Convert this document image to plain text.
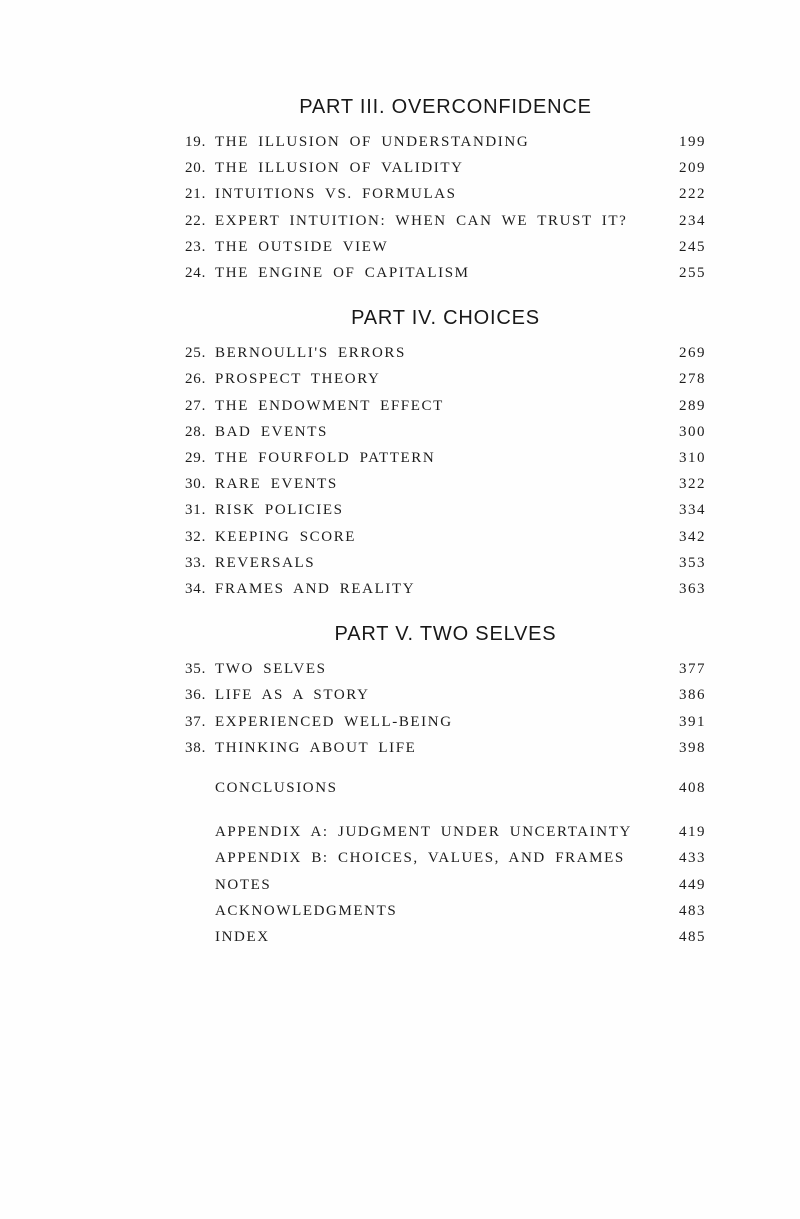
PART III. OVERCONFIDENCE
19. THE ILLUSION OF UNDERSTANDING	199
20. THE ILLUSION OF VALIDITY	209
21. INTUITIONS VS. FORMULAS	222
22. EXPERT INTUITION: WHEN CAN WE TRUST IT?	234
23. THE OUTSIDE VIEW	245
24. THE ENGINE OF CAPITALISM	255
PART IV. CHOICES
25. BERNOULLI'S ERRORS	269
26. PROSPECT THEORY	278
27. THE ENDOWMENT EFFECT	289
28. BAD EVENTS	300
29. THE FOURFOLD PATTERN	310
30. RARE EVENTS	322
31. RISK POLICIES	334
32. KEEPING SCORE	342
33. REVERSALS	353
34. FRAMES AND REALITY	363
PART V. TWO SELVES
35. TWO SELVES	377
36. LIFE AS A STORY	386
37. EXPERIENCED WELL-BEING	391
38. THINKING ABOUT LIFE	398
CONCLUSIONS	408
APPENDIX A: JUDGMENT UNDER UNCERTAINTY	419
APPENDIX B: CHOICES, VALUES, AND FRAMES	433
NOTES	449
ACKNOWLEDGMENTS	483
INDEX	485
